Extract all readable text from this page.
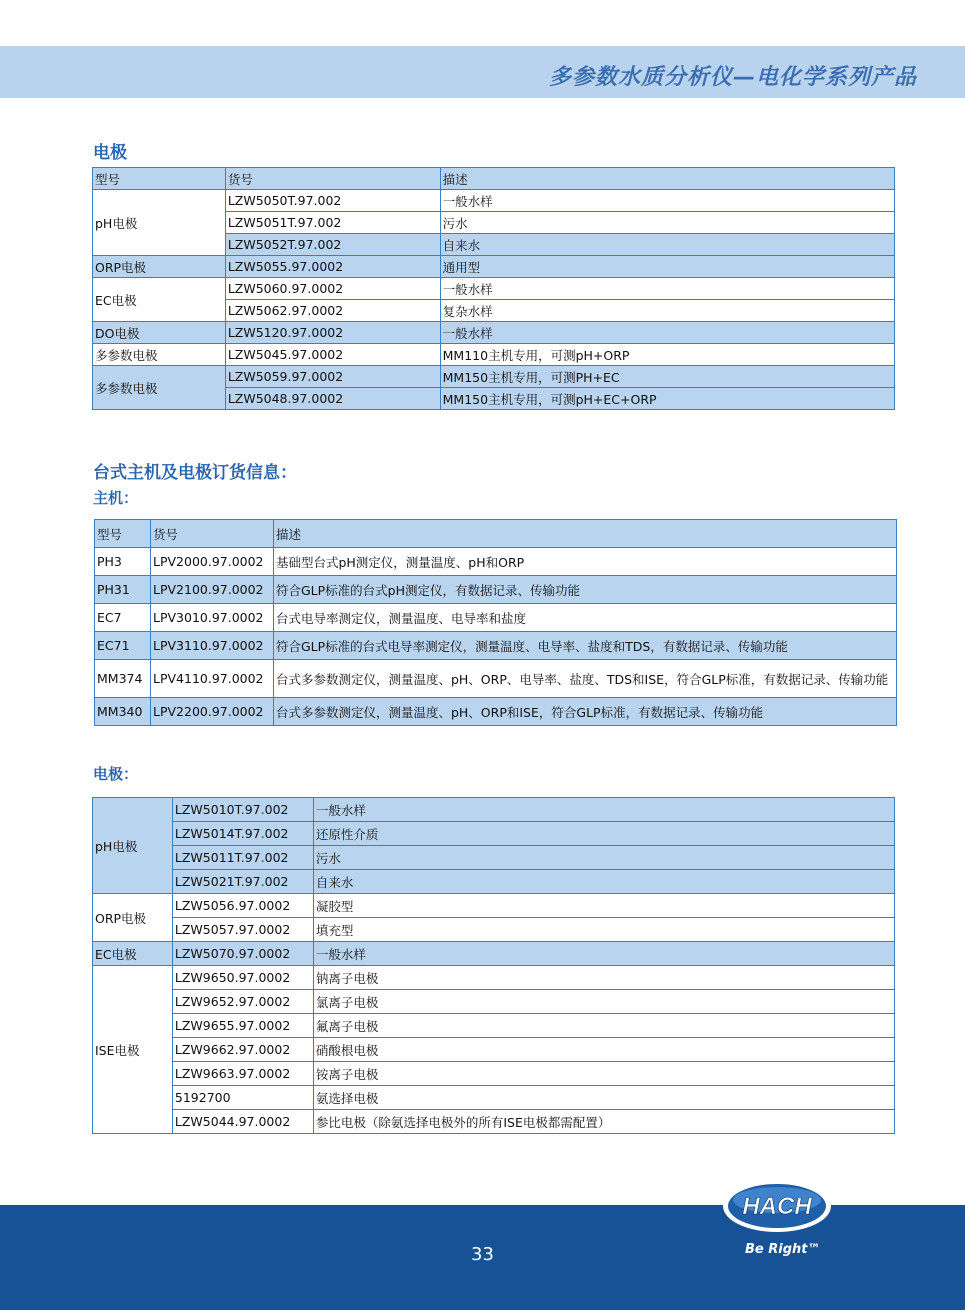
多参数水质分析仪—电化学系列产品
电极
型号	货号	描述
pH电极	LZW5050T.97.002	一般水样
	LZW5051T.97.002	污水
	LZW5052T.97.002	自来水
ORP电极	LZW5055.97.0002	通用型
EC电极	LZW5060.97.0002	一般水样
	LZW5062.97.0002	复杂水样
DO电极	LZW5120.97.0002	一般水样
多参数电极	LZW5045.97.0002	MM110主机专用，可测pH+ORP
多参数电极	LZW5059.97.0002	MM150主机专用，可测PH+EC
	LZW5048.97.0002	MM150主机专用，可测pH+EC+ORP
台式主机及电极订货信息：
主机：
型号	货号	描述
PH3	LPV2000.97.0002	基础型台式pH测定仪，测量温度、pH和ORP
PH31	LPV2100.97.0002	符合GLP标准的台式pH测定仪，有数据记录、传输功能
EC7	LPV3010.97.0002	台式电导率测定仪，测量温度、电导率和盐度
EC71	LPV3110.97.0002	符合GLP标准的台式电导率测定仪，测量温度、电导率、盐度和TDS，有数据记录、传输功能
MM374	LPV4110.97.0002	台式多参数测定仪，测量温度、pH、ORP、电导率、盐度、TDS和ISE，符合GLP标准，有数据记录、传输功能
MM340	LPV2200.97.0002	台式多参数测定仪，测量温度、pH、ORP和ISE，符合GLP标准，有数据记录、传输功能
电极：
pH电极	LZW5010T.97.002	一般水样
	LZW5014T.97.002	还原性介质
	LZW5011T.97.002	污水
	LZW5021T.97.002	自来水
ORP电极	LZW5056.97.0002	凝胶型
	LZW5057.97.0002	填充型
EC电极	LZW5070.97.0002	一般水样
ISE电极	LZW9650.97.0002	钠离子电极
	LZW9652.97.0002	氯离子电极
	LZW9655.97.0002	氟离子电极
	LZW9662.97.0002	硝酸根电极
	LZW9663.97.0002	铵离子电极
	5192700	氨选择电极
	LZW5044.97.0002	参比电极（除氨选择电极外的所有ISE电极都需配置）
33
HACH ®
Be Right™
